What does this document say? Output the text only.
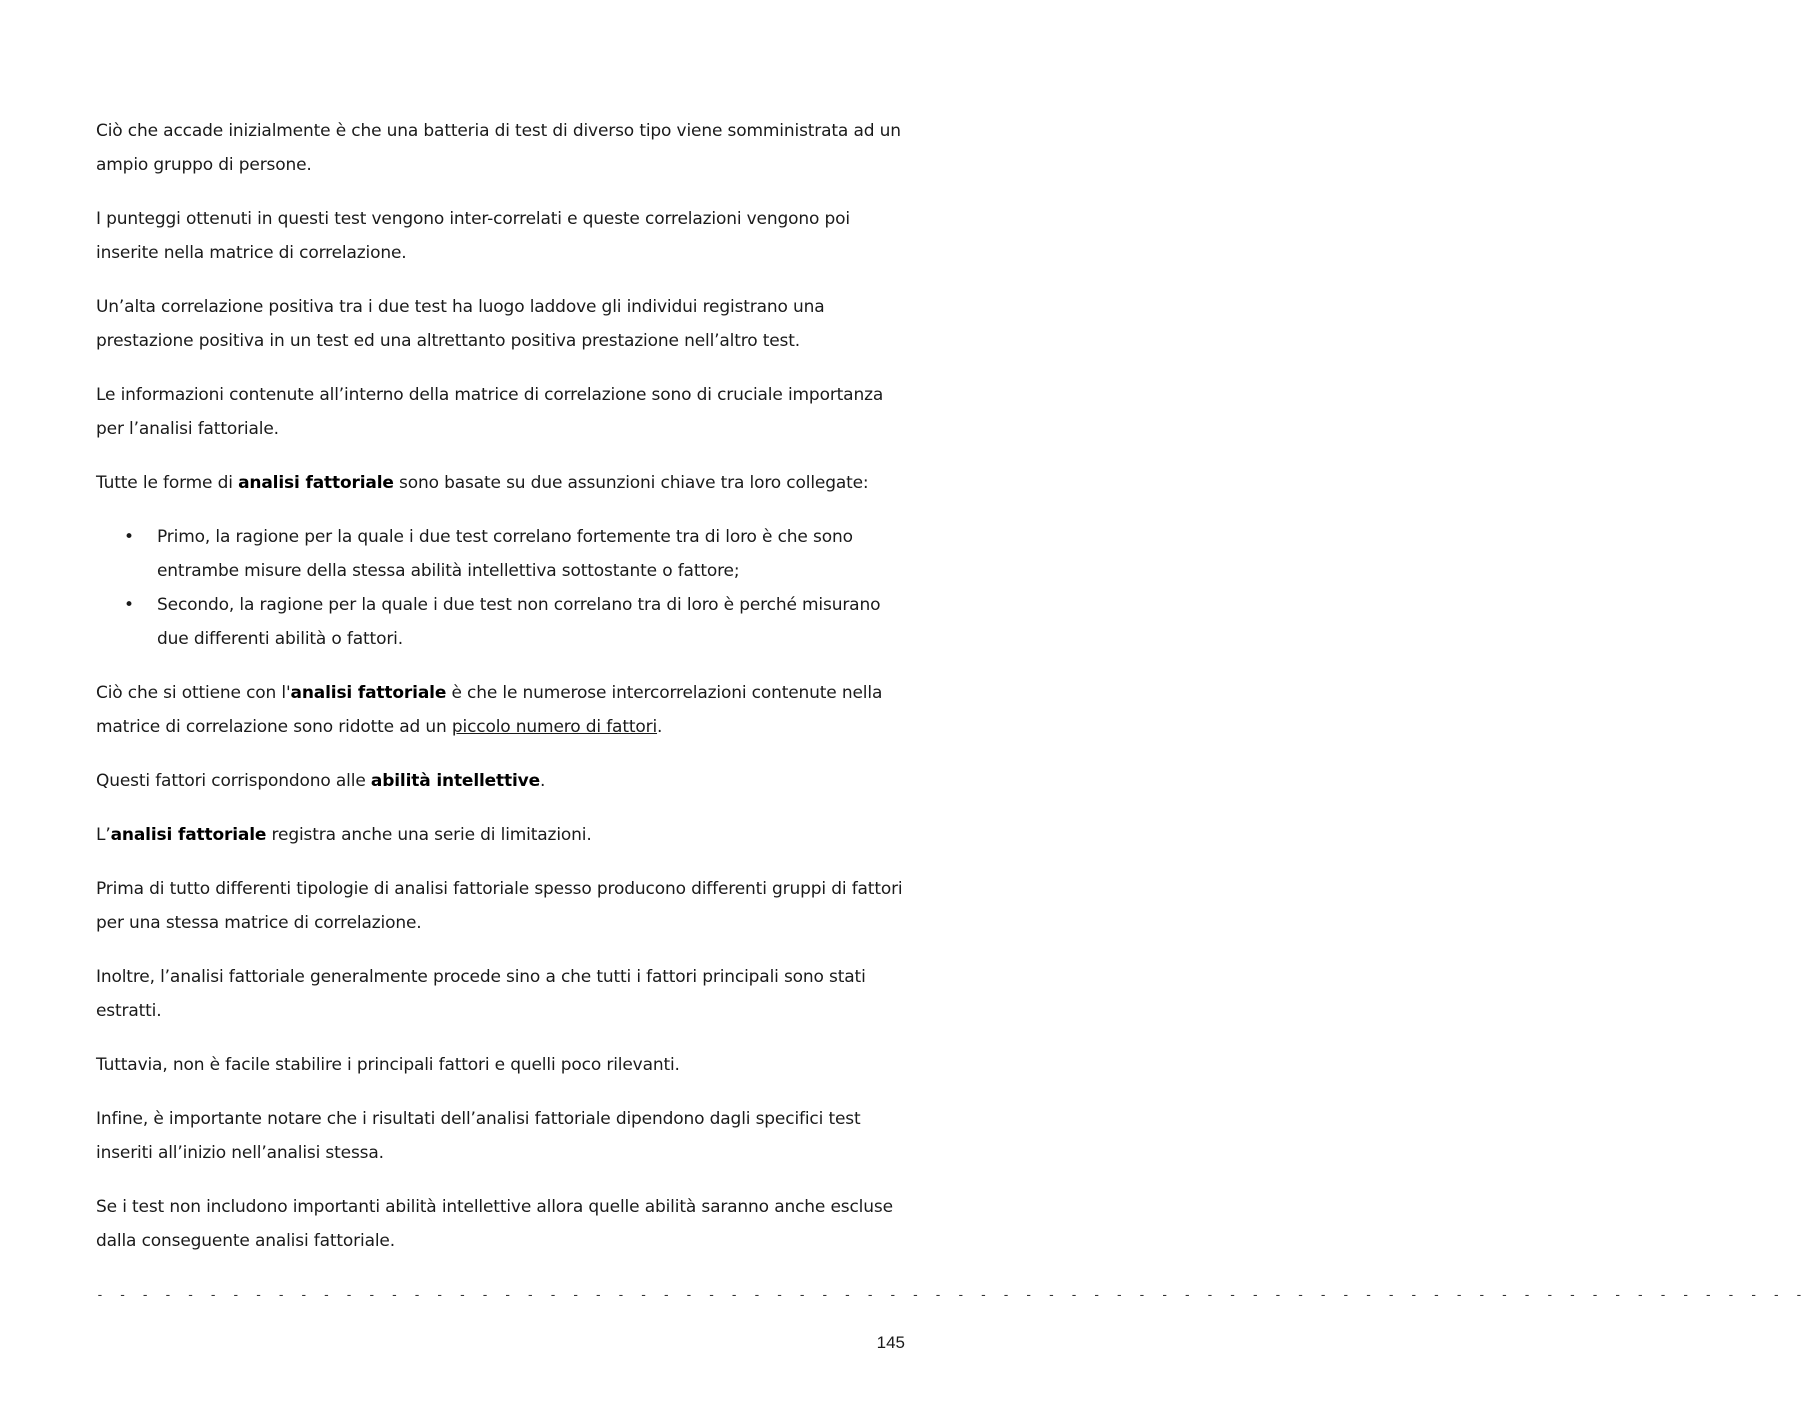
Ciò che accade inizialmente è che una batteria di test di diverso tipo viene somministrata ad un ampio gruppo di persone.

I punteggi ottenuti in questi test vengono inter-correlati e queste correlazioni vengono poi inserite nella matrice di correlazione.

Un’alta correlazione positiva tra i due test ha luogo laddove gli individui registrano una prestazione positiva in un test ed una altrettanto positiva prestazione nell’altro test.

Le informazioni contenute all’interno della matrice di correlazione sono di cruciale importanza per l’analisi fattoriale.

Tutte le forme di analisi fattoriale sono basate su due assunzioni chiave tra loro collegate:

• Primo, la ragione per la quale i due test correlano fortemente tra di loro è che sono entrambe misure della stessa abilità intellettiva sottostante o fattore;
• Secondo, la ragione per la quale i due test non correlano tra di loro è perché misurano due differenti abilità o fattori.

Ciò che si ottiene con l'analisi fattoriale è che le numerose intercorrelazioni contenute nella matrice di correlazione sono ridotte ad un piccolo numero di fattori.

Questi fattori corrispondono alle abilità intellettive.

L’analisi fattoriale registra anche una serie di limitazioni.

Prima di tutto differenti tipologie di analisi fattoriale spesso producono differenti gruppi di fattori per una stessa matrice di correlazione.

Inoltre, l’analisi fattoriale generalmente procede sino a che tutti i fattori principali sono stati estratti.

Tuttavia, non è facile stabilire i principali fattori e quelli poco rilevanti.

Infine, è importante notare che i risultati dell’analisi fattoriale dipendono dagli specifici test inseriti all’inizio nell’analisi stessa.

Se i test non includono importanti abilità intellettive allora quelle abilità saranno anche escluse dalla conseguente analisi fattoriale.

- - - - - - - - - - - - - - - - - - - - - - - - - - - - - - - - - - - - - - - - - - - - - - - - - - - - - - - - - - - - - - - - - - - - - - - - - - - -
145
